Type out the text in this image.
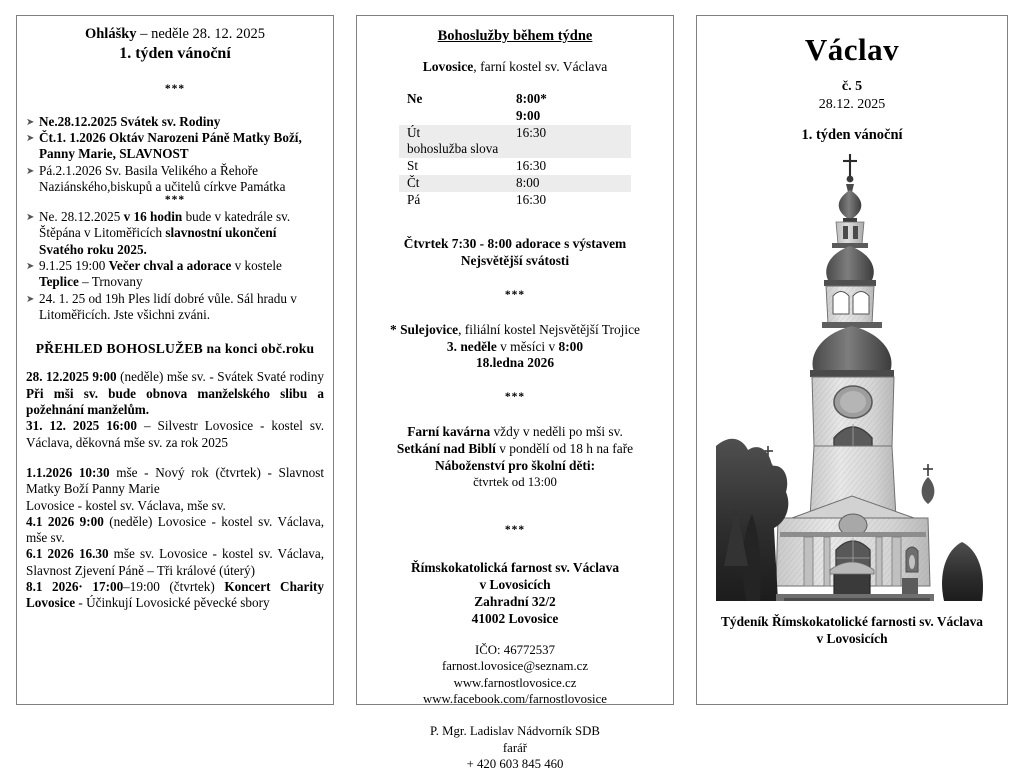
Ohlášky – neděle 28. 12. 2025
1. týden vánoční
***
➤ Ne.28.12.2025 Svátek sv. Rodiny
➤ Čt.1. 1.2026 Oktáv Narozeni Páně Matky Boží, Panny Marie, SLAVNOST
➤ Pá.2.1.2026 Sv. Basila Velikého a Řehoře Naziánského,biskupů a učitelů církve Památka
***
➤ Ne. 28.12.2025 v 16 hodin bude v katedrále sv. Štěpána v Litoměřicích slavnostní ukončení Svatého roku 2025.
➤ 9.1.25 19:00 Večer chval a adorace v kostele Teplice – Trnovany
➤ 24. 1. 25 od 19h Ples lidí dobré vůle. Sál hradu v Litoměřicích. Jste všichni zváni.
PŘEHLED BOHOSLUŽEB na konci obč.roku
28. 12.2025 9:00 (neděle) mše sv. - Svátek Svaté rodiny Při mši sv. bude obnova manželského slibu a požehnání manželům.
31. 12. 2025 16:00 – Silvestr Lovosice - kostel sv. Václava, děkovná mše sv. za rok 2025
1.1.2026 10:30 mše - Nový rok (čtvrtek) - Slavnost Matky Boží Panny Marie
Lovosice - kostel sv. Václava, mše sv.
4.1 2026 9:00 (neděle) Lovosice - kostel sv. Václava, mše sv.
6.1 2026 16.30 mše sv. Lovosice - kostel sv. Václava, Slavnost Zjevení Páně – Tři králové (úterý)
8.1 2026· 17:00–19:00 (čtvrtek) Koncert Charity Lovosice - Účinkují Lovosické pěvecké sbory
Bohoslužby během týdne
Lovosice, farní kostel sv. Václava
Ne	8:00*
	9:00
Út	16:30
bohoslužba slova	
St	16:30
Čt	8:00
Pá	16:30
Čtvrtek 7:30 - 8:00 adorace s výstavem
Nejsvětější svátosti
***
* Sulejovice, filiální kostel Nejsvětější Trojice
3. neděle v měsíci v 8:00
18.ledna 2026
***
Farní kavárna vždy v neděli po mši sv.
Setkání nad Biblí v pondělí od 18 h na faře
Náboženství pro školní děti:
čtvrtek od 13:00
***
Římskokatolická farnost sv. Václava
v Lovosicích
Zahradní 32/2
41002 Lovosice
IČO: 46772537
farnost.lovosice@seznam.cz
www.farnostlovosice.cz
www.facebook.com/farnostlovosice
P. Mgr. Ladislav Nádvorník SDB
farář
+ 420 603 845 460
Václav
č. 5
28.12. 2025
1. týden vánoční
Týdeník Římskokatolické farnosti sv. Václava
v Lovosicích
